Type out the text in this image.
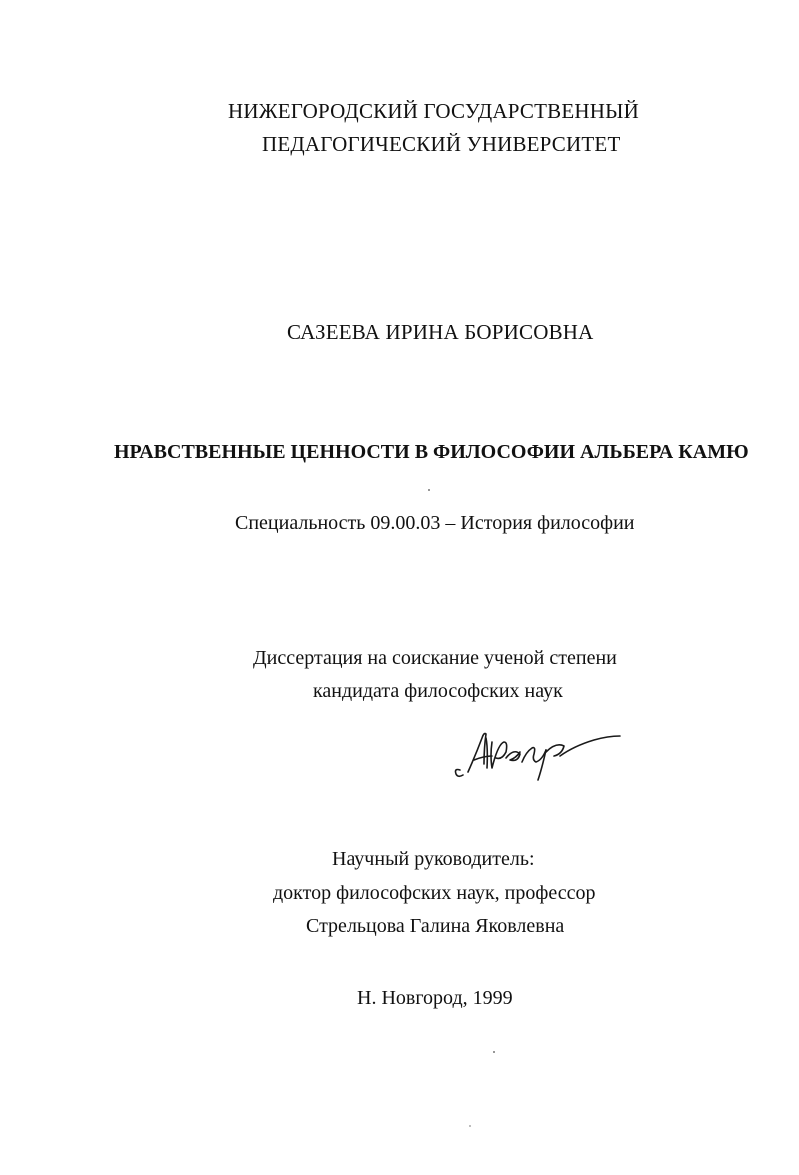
НИЖЕГОРОДСКИЙ ГОСУДАРСТВЕННЫЙ
ПЕДАГОГИЧЕСКИЙ УНИВЕРСИТЕТ
САЗЕЕВА ИРИНА БОРИСОВНА
НРАВСТВЕННЫЕ ЦЕННОСТИ В ФИЛОСОФИИ АЛЬБЕРА КАМЮ
Специальность 09.00.03 – История философии
Диссертация на соискание ученой степени
кандидата философских наук
Научный руководитель:
доктор философских наук, профессор
Стрельцова Галина Яковлевна
Н. Новгород, 1999
